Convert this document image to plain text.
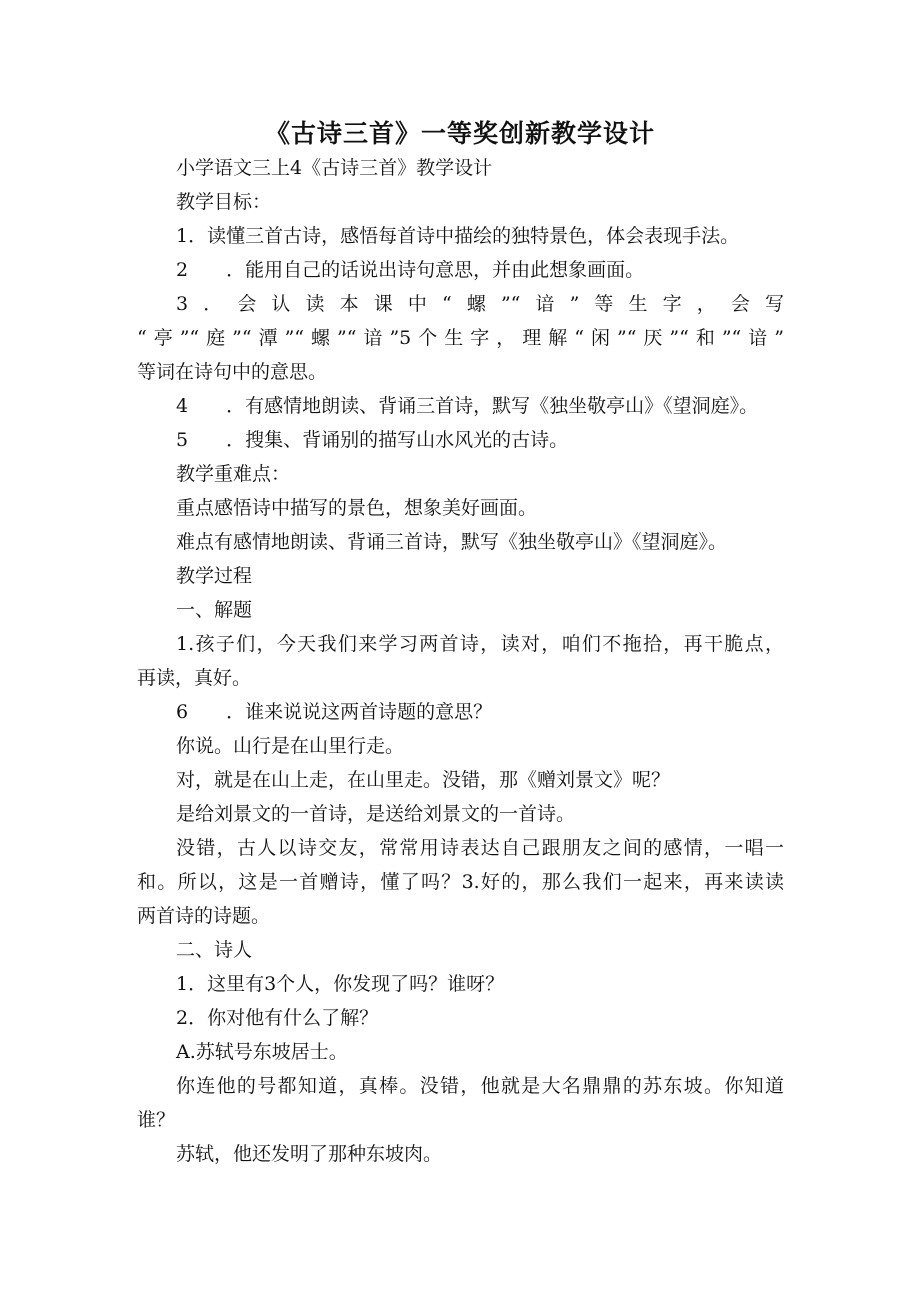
《古诗三首》一等奖创新教学设计
小学语文三上4《古诗三首》教学设计
教学目标：
1．读懂三首古诗，感悟每首诗中描绘的独特景色，体会表现手法。
2　　．能用自己的话说出诗句意思，并由此想象画面。
3．会认读本课中“螺”“谙”等生字，会写
“亭”“庭”“潭”“螺”“谙”5个生字，理解“闲”“厌”“和”“谙”
等词在诗句中的意思。
4　　．有感情地朗读、背诵三首诗，默写《独坐敬亭山》《望洞庭》。
5　　．搜集、背诵别的描写山水风光的古诗。
教学重难点：
重点感悟诗中描写的景色，想象美好画面。
难点有感情地朗读、背诵三首诗，默写《独坐敬亭山》《望洞庭》。
教学过程
一、解题
1.孩子们，今天我们来学习两首诗，读对，咱们不拖拾，再干脆点，
再读，真好。
6　　．谁来说说这两首诗题的意思？
你说。山行是在山里行走。
对，就是在山上走，在山里走。没错，那《赠刘景文》呢？
是给刘景文的一首诗，是送给刘景文的一首诗。
没错，古人以诗交友，常常用诗表达自己跟朋友之间的感情，一唱一
和。所以，这是一首赠诗，懂了吗？3.好的，那么我们一起来，再来读读
两首诗的诗题。
二、诗人
1．这里有3个人，你发现了吗？谁呀？
2．你对他有什么了解？
A.苏轼号东坡居士。
你连他的号都知道，真棒。没错，他就是大名鼎鼎的苏东坡。你知道
谁？
苏轼，他还发明了那种东坡肉。
